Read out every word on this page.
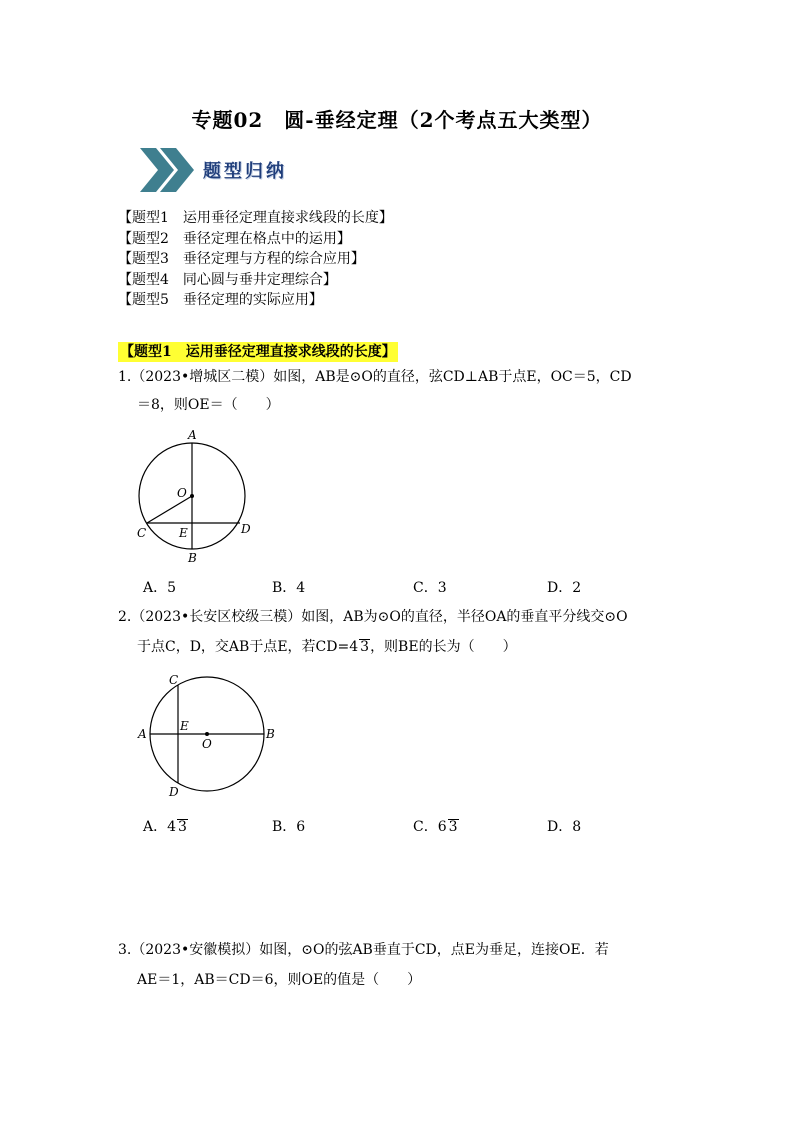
专题02　圆-垂经定理（2个考点五大类型）
题型归纳
【题型1　运用垂径定理直接求线段的长度】
【题型2　垂径定理在格点中的运用】
【题型3　垂径定理与方程的综合应用】
【题型4　同心圆与垂井定理综合】
【题型5　垂径定理的实际应用】
【题型1　运用垂径定理直接求线段的长度】
1.（2023•增城区二模）如图，AB是⊙O的直径，弦CD⊥AB于点E，OC＝5，CD
＝8，则OE＝（　　）
A
O
C	E	D
B
A．5	B．4	C．3	D．2
2.（2023•长安区校级三模）如图，AB为⊙O的直径，半径OA的垂直平分线交⊙O
于点C，D，交AB于点E，若CD=4 3，则BE的长为（　　）
C
A
E
O
B
D
A．4 3	B．6	C．6 3	D．8
3.（2023•安徽模拟）如图，⊙O的弦AB垂直于CD，点E为垂足，连接OE．若
AE＝1，AB＝CD＝6，则OE的值是（　　）
